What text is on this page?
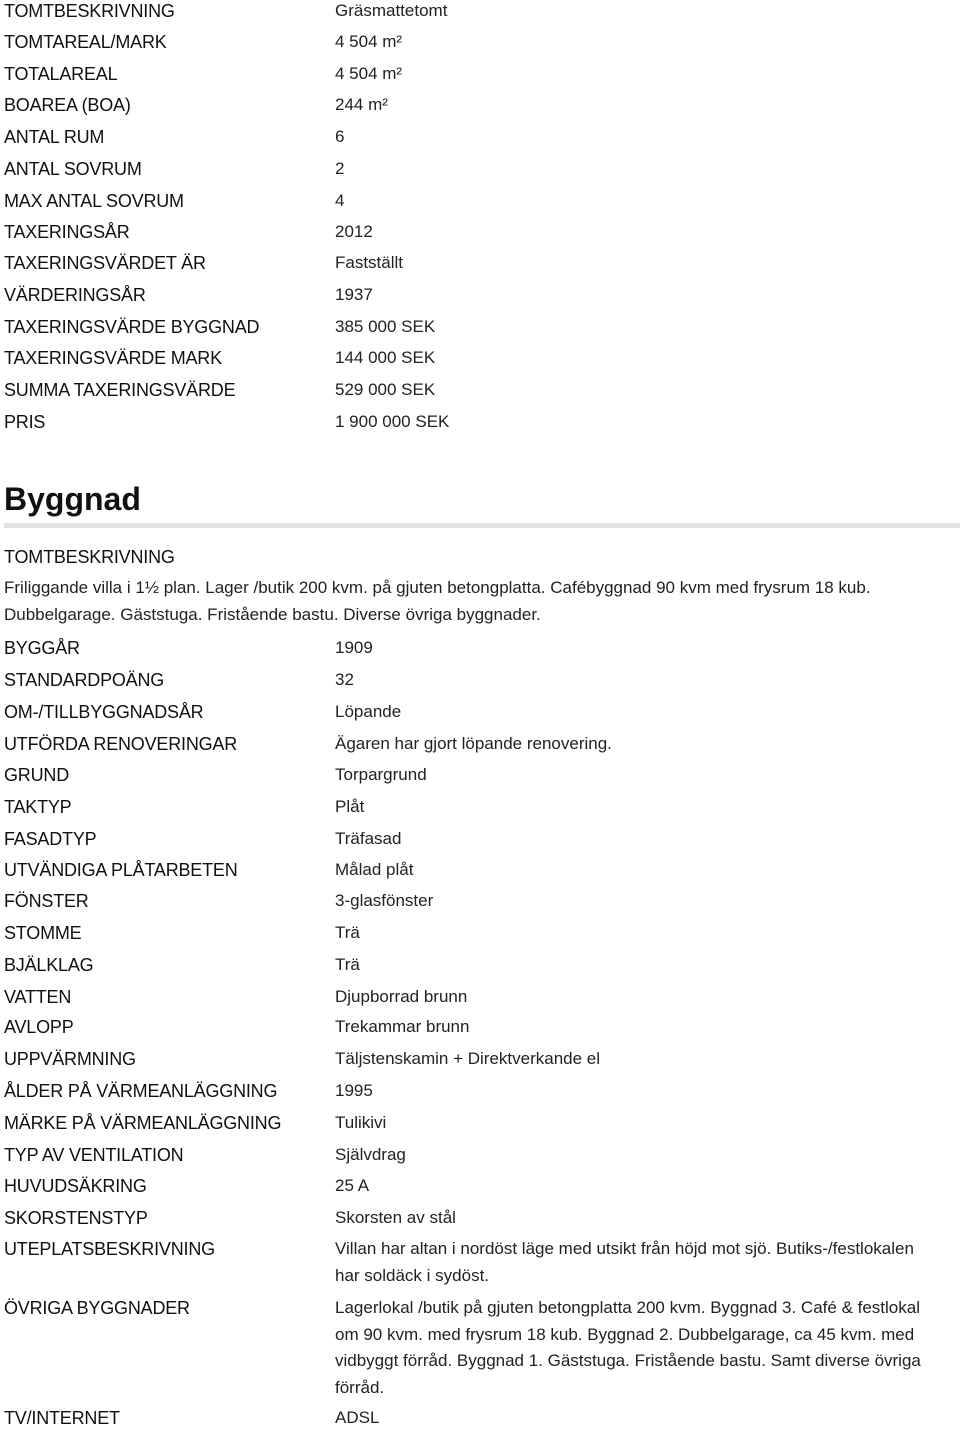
TOMTBESKRIVNING	Gräsmattetomt
TOMTAREAL/MARK	4 504 m²
TOTALAREAL	4 504 m²
BOAREA (BOA)	244 m²
ANTAL RUM	6
ANTAL SOVRUM	2
MAX ANTAL SOVRUM	4
TAXERINGSÅR	2012
TAXERINGSVÄRDET ÄR	Fastställt
VÄRDERINGSÅR	1937
TAXERINGSVÄRDE BYGGNAD	385 000 SEK
TAXERINGSVÄRDE MARK	144 000 SEK
SUMMA TAXERINGSVÄRDE	529 000 SEK
PRIS	1 900 000 SEK
Byggnad
TOMTBESKRIVNING
Friliggande villa i 1½ plan. Lager /butik 200 kvm. på gjuten betongplatta. Cafébyggnad 90 kvm med frysrum 18 kub. Dubbelgarage. Gäststuga. Fristående bastu. Diverse övriga byggnader.
BYGGÅR	1909
STANDARDPOÄNG	32
OM-/TILLBYGGNADSÅR	Löpande
UTFÖRDA RENOVERINGAR	Ägaren har gjort löpande renovering.
GRUND	Torpargrund
TAKTYP	Plåt
FASADTYP	Träfasad
UTVÄNDIGA PLÅTARBETEN	Målad plåt
FÖNSTER	3-glasfönster
STOMME	Trä
BJÄLKLAG	Trä
VATTEN	Djupborrad brunn
AVLOPP	Trekammar brunn
UPPVÄRMNING	Täljstenskamin + Direktverkande el
ÅLDER PÅ VÄRMEANLÄGGNING	1995
MÄRKE PÅ VÄRMEANLÄGGNING	Tulikivi
TYP AV VENTILATION	Självdrag
HUVUDSÄKRING	25 A
SKORSTENSTYP	Skorsten av stål
UTEPLATSBESKRIVNING	Villan har altan i nordöst läge med utsikt från höjd mot sjö. Butiks-/festlokalen har soldäck i sydöst.
ÖVRIGA BYGGNADER	Lagerlokal /butik på gjuten betongplatta 200 kvm. Byggnad 3. Café & festlokal om 90 kvm. med frysrum 18 kub. Byggnad 2. Dubbelgarage, ca 45 kvm. med vidbyggt förråd. Byggnad 1. Gäststuga. Fristående bastu. Samt diverse övriga förråd.
TV/INTERNET	ADSL
